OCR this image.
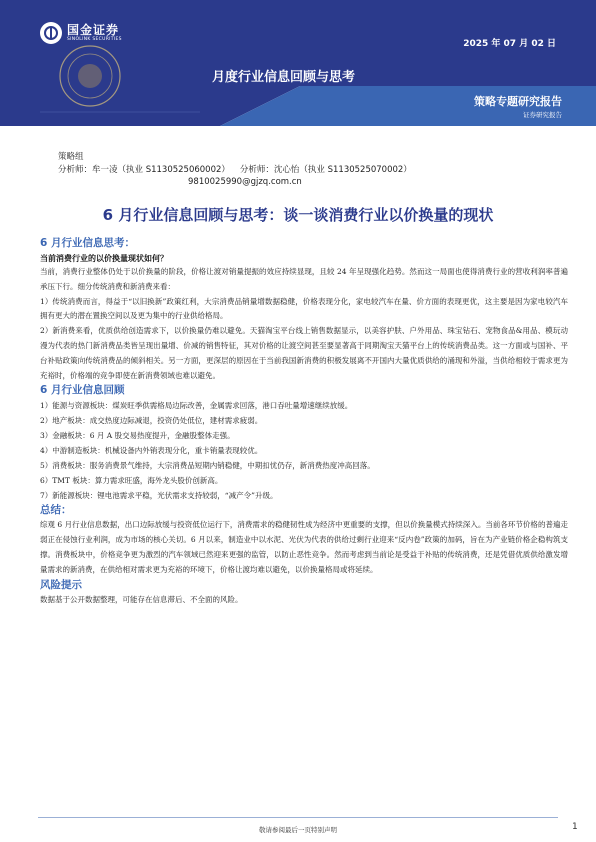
国金证券
SINOLINK SECURITIES	2025 年 07 月 02 日
月度行业信息回顾与思考
策略专题研究报告
证券研究报告
策略组
分析师：牟一凌（执业 S1130525060002） 分析师：沈心怡（执业 S1130525070002）
9810025990@gjzq.com.cn
6 月行业信息回顾与思考：谈一谈消费行业以价换量的现状
6 月行业信息思考：
当前消费行业的以价换量现状如何？
当前，消费行业整体仍处于以价换量的阶段，价格让渡对销量提振的效应持续显现，且较 24 年呈现强化趋势。然而这一局面也使得消费行业的营收利润率普遍承压下行。细分传统消费和新消费来看：
1）传统消费而言，得益于“以旧换新”政策红利，大宗消费品销量增数据稳健，价格表现分化，家电较汽车在量、价方面的表现更优，这主要是因为家电较汽车拥有更大的潜在置换空间以及更为集中的行业供给格局。
2）新消费来看，优质供给创造需求下，以价换量仍难以避免。天猫淘宝平台线上销售数据显示，以美容护肤、户外用品、珠宝钻石、宠物食品&用品、模玩动漫为代表的热门新消费品类皆呈现出量增、价减的销售特征，其对价格的让渡空间甚至要显著高于同期淘宝天猫平台上的传统消费品类。这一方面或与国补、平台补贴政策向传统消费品的倾斜相关。另一方面，更深层的原因在于当前我国新消费的积极发展离不开国内大量优质供给的涌现和外溢，当供给相较于需求更为充裕时，价格端的竞争即使在新消费领域也难以避免。
6 月行业信息回顾
1）能源与资源板块：煤炭旺季供需格局边际改善，金属需求回落，港口吞吐量增速继续放缓。
2）地产板块：成交热度边际减退，投资仍处低位，建材需求疲弱。
3）金融板块：6 月 A 股交易热度提升，金融股整体走强。
4）中游制造板块：机械设备内外销表现分化，重卡销量表现较优。
5）消费板块：服务消费景气维持，大宗消费品短期内销稳健，中期扣忧仍存，新消费热度冲高回落。
6）TMT 板块：算力需求旺盛，海外龙头股价创新高。
7）新能源板块：锂电池需求平稳，光伏需求支持较弱，“减产令”升级。
总结：
综观 6 月行业信息数据，出口边际放缓与投资低位运行下，消费需求的稳健韧性成为经济中更重要的支撑，但以价换量模式持续深入。当前各环节价格的普遍走弱正在侵蚀行业利润，成为市场的核心关切。6 月以来，制造业中以水泥、光伏为代表的供给过剩行业迎来“反内卷”政策的加码，旨在为产业链价格企稳构筑支撑。消费板块中，价格竞争更为激烈的汽车领域已然迎来更强的监管，以防止恶性竞争。然而考虑到当前论是受益于补贴的传统消费，还是凭借优质供给激发增量需求的新消费，在供给相对需求更为充裕的环境下，价格让渡均难以避免，以价换量格局或将延续。
风险提示
数据基于公开数据整理，可能存在信息滞后、不全面的风险。
敬请参阅最后一页特别声明	1
